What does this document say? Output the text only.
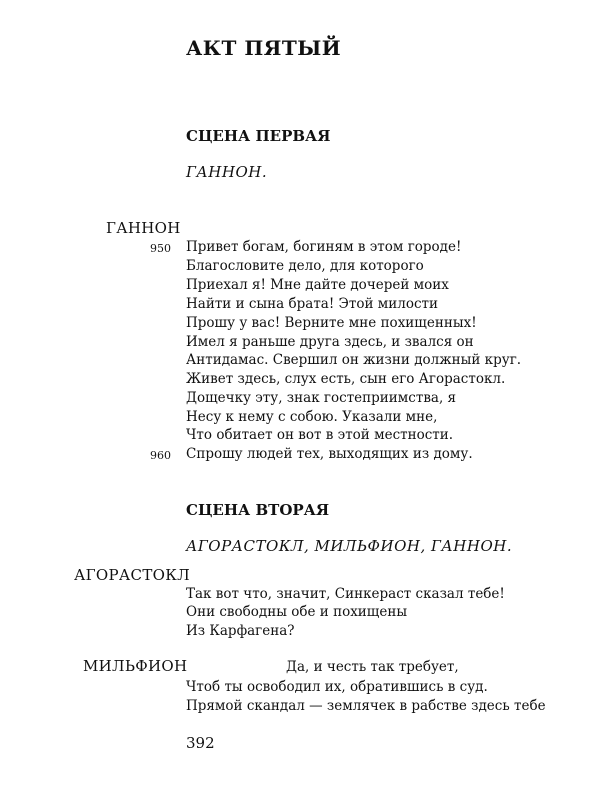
АКТ ПЯТЫЙ
СЦЕНА ПЕРВАЯ
ГАННОН.
ГАННОН
950
960
Привет богам, богиням в этом городе!
Благословите дело, для которого
Приехал я! Мне дайте дочерей моих
Найти и сына брата! Этой милости
Прошу у вас! Верните мне похищенных!
Имел я раньше друга здесь, и звался он
Антидамас. Свершил он жизни должный круг.
Живет здесь, слух есть, сын его Агорастокл.
Дощечку эту, знак гостеприимства, я
Несу к нему с собою. Указали мне,
Что обитает он вот в этой местности.
Спрошу людей тех, выходящих из дому.
СЦЕНА ВТОРАЯ
АГОРАСТОКЛ, МИЛЬФИОН, ГАННОН.
АГОРАСТОКЛ
Так вот что, значит, Синкераст сказал тебе!
Они свободны обе и похищены
Из Карфагена?
МИЛЬФИОН	Да, и честь так требует,
Чтоб ты освободил их, обратившись в суд.
Прямой скандал — землячек в рабстве здесь тебе
392
